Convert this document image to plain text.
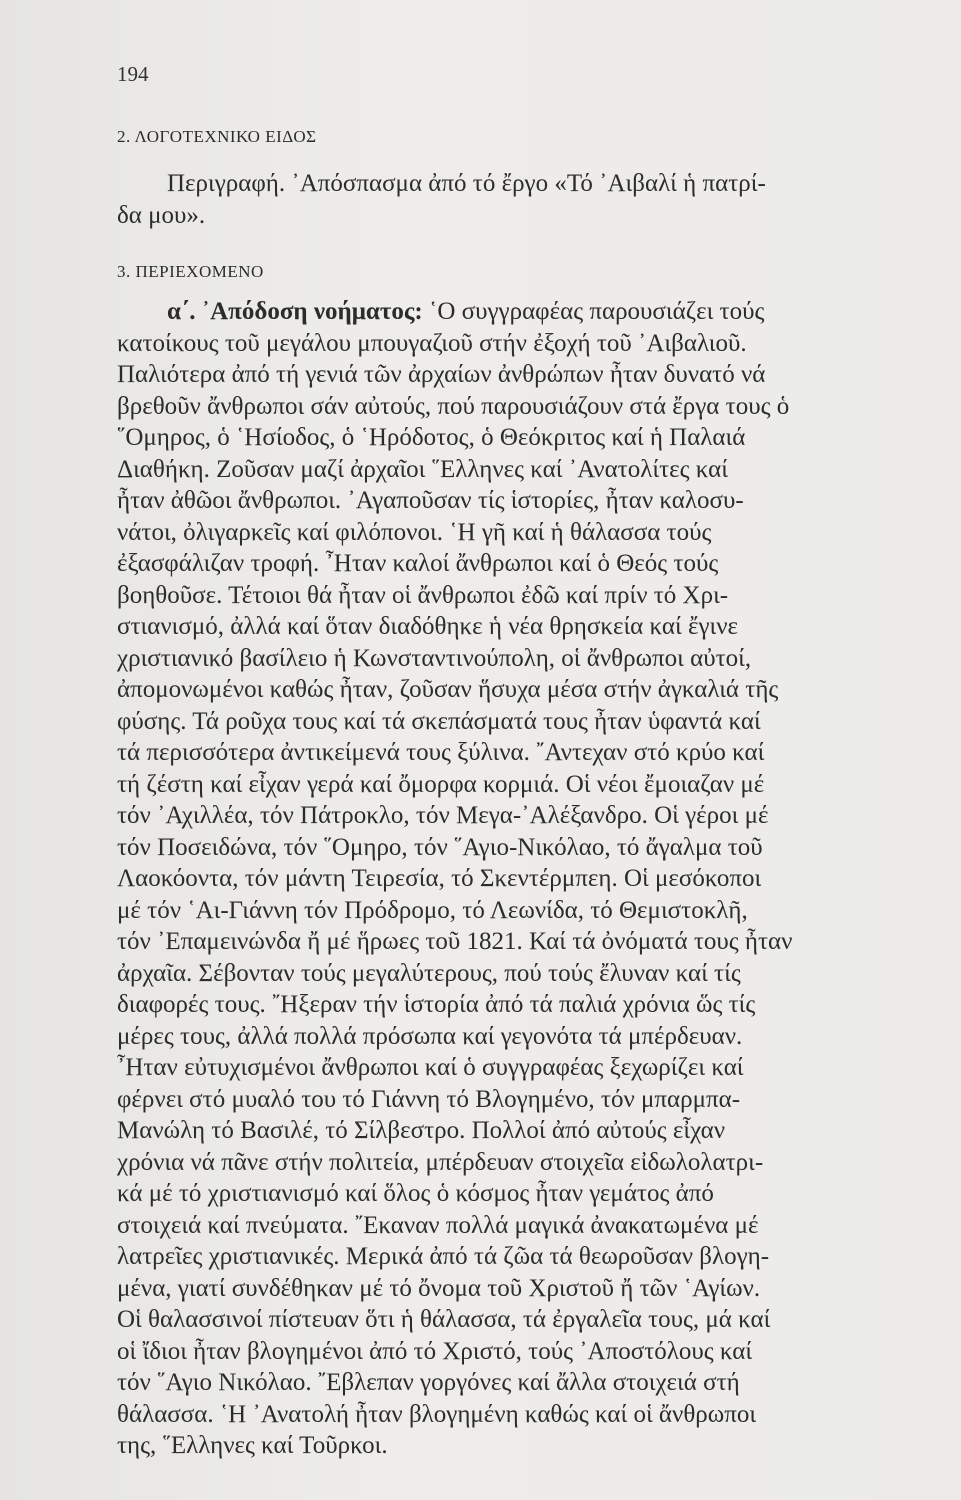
194
2. ΛΟΓΟΤΕΧΝΙΚΟ ΕΙΔΟΣ
Περιγραφή. ᾿Απόσπασμα ἀπό τό ἔργο «Τό ᾿Αιβαλί ἡ πατρί-
δα μου».
3. ΠΕΡΙΕΧΟΜΕΝΟ
α΄. ᾿Απόδοση νοήματος: ῾Ο συγγραφέας παρουσιάζει τούς
κατοίκους τοῦ μεγάλου μπουγαζιοῦ στήν ἐξοχή τοῦ ᾿Αιβαλιοῦ.
Παλιότερα ἀπό τή γενιά τῶν ἀρχαίων ἀνθρώπων ἦταν δυνατό νά
βρεθοῦν ἄνθρωποι σάν αὐτούς, πού παρουσιάζουν στά ἔργα τους ὁ
῞Ομηρος, ὁ ῾Ησίοδος, ὁ ῾Ηρόδοτος, ὁ Θεόκριτος καί ἡ Παλαιά
Διαθήκη. Ζοῦσαν μαζί ἀρχαῖοι ῞Ελληνες καί ᾿Ανατολίτες καί
ἦταν ἀθῶοι ἄνθρωποι. ᾿Αγαποῦσαν τίς ἱστορίες, ἦταν καλοσυ-
νάτοι, ὀλιγαρκεῖς καί φιλόπονοι. ῾Η γῆ καί ἡ θάλασσα τούς
ἐξασφάλιζαν τροφή. ῏Ηταν καλοί ἄνθρωποι καί ὁ Θεός τούς
βοηθοῦσε. Τέτοιοι θά ἦταν οἱ ἄνθρωποι ἐδῶ καί πρίν τό Χρι-
στιανισμό, ἀλλά καί ὅταν διαδόθηκε ἡ νέα θρησκεία καί ἔγινε
χριστιανικό βασίλειο ἡ Κωνσταντινούπολη, οἱ ἄνθρωποι αὐτοί,
ἀπομονωμένοι καθώς ἦταν, ζοῦσαν ἥσυχα μέσα στήν ἀγκαλιά τῆς
φύσης. Τά ροῦχα τους καί τά σκεπάσματά τους ἦταν ὑφαντά καί
τά περισσότερα ἀντικείμενά τους ξύλινα. ῎Αντεχαν στό κρύο καί
τή ζέστη καί εἶχαν γερά καί ὄμορφα κορμιά. Οἱ νέοι ἔμοιαζαν μέ
τόν ᾿Αχιλλέα, τόν Πάτροκλο, τόν Μεγα-᾿Αλέξανδρο. Οἱ γέροι μέ
τόν Ποσειδώνα, τόν ῞Ομηρο, τόν ῞Αγιο-Νικόλαο, τό ἄγαλμα τοῦ
Λαοκόοντα, τόν μάντη Τειρεσία, τό Σκεντέρμπεη. Οἱ μεσόκοποι
μέ τόν ῾Αι-Γιάννη τόν Πρόδρομο, τό Λεωνίδα, τό Θεμιστοκλῆ,
τόν ᾿Επαμεινώνδα ἤ μέ ἥρωες τοῦ 1821. Καί τά ὀνόματά τους ἦταν
ἀρχαῖα. Σέβονταν τούς μεγαλύτερους, πού τούς ἔλυναν καί τίς
διαφορές τους. ῎Ηξεραν τήν ἱστορία ἀπό τά παλιά χρόνια ὥς τίς
μέρες τους, ἀλλά πολλά πρόσωπα καί γεγονότα τά μπέρδευαν.
῏Ηταν εὐτυχισμένοι ἄνθρωποι καί ὁ συγγραφέας ξεχωρίζει καί
φέρνει στό μυαλό του τό Γιάννη τό Βλογημένο, τόν μπαρμπα-
Μανώλη τό Βασιλέ, τό Σίλβεστρο. Πολλοί ἀπό αὐτούς εἶχαν
χρόνια νά πᾶνε στήν πολιτεία, μπέρδευαν στοιχεῖα εἰδωλολατρι-
κά μέ τό χριστιανισμό καί ὅλος ὁ κόσμος ἦταν γεμάτος ἀπό
στοιχειά καί πνεύματα. ῎Εκαναν πολλά μαγικά ἀνακατωμένα μέ
λατρεῖες χριστιανικές. Μερικά ἀπό τά ζῶα τά θεωροῦσαν βλογη-
μένα, γιατί συνδέθηκαν μέ τό ὄνομα τοῦ Χριστοῦ ἤ τῶν ῾Αγίων.
Οἱ θαλασσινοί πίστευαν ὅτι ἡ θάλασσα, τά ἐργαλεῖα τους, μά καί
οἱ ἴδιοι ἦταν βλογημένοι ἀπό τό Χριστό, τούς ᾿Αποστόλους καί
τόν ῞Αγιο Νικόλαο. ῎Εβλεπαν γοργόνες καί ἄλλα στοιχειά στή
θάλασσα. ῾Η ᾿Ανατολή ἦταν βλογημένη καθώς καί οἱ ἄνθρωποι
της, ῞Ελληνες καί Τοῦρκοι.
